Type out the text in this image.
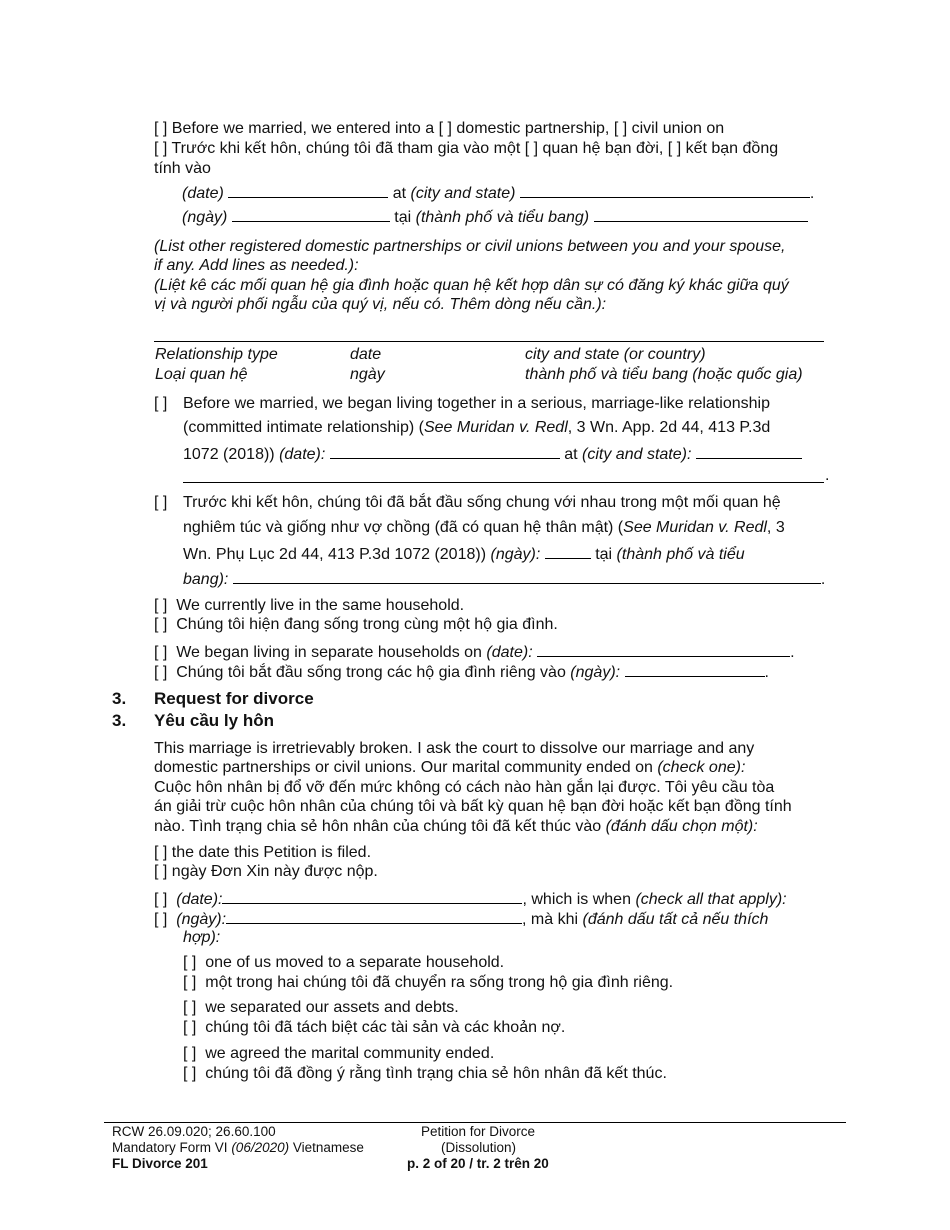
[ ] Before we married, we entered into a [ ] domestic partnership, [ ] civil union on
[ ] Trước khi kết hôn, chúng tôi đã tham gia vào một [ ] quan hệ bạn đời, [ ] kết bạn đồng
tính vào
(date)	at (city and state)	.
(ngày)	tại (thành phố và tiểu bang)
(List other registered domestic partnerships or civil unions between you and your spouse,
if any. Add lines as needed.):
(Liệt kê các mối quan hệ gia đình hoặc quan hệ kết hợp dân sự có đăng ký khác giữa quý
vị và người phối ngẫu của quý vị, nếu có. Thêm dòng nếu cần.):
Relationship type	date	city and state (or country)
Loại quan hệ	ngày	thành phố và tiểu bang (hoặc quốc gia)
[ ] Before we married, we began living together in a serious, marriage-like relationship
(committed intimate relationship) (See Muridan v. Redl, 3 Wn. App. 2d 44, 413 P.3d
1072 (2018)) (date):	at (city and state):
.
[ ] Trước khi kết hôn, chúng tôi đã bắt đầu sống chung với nhau trong một mối quan hệ
nghiêm túc và giống như vợ chồng (đã có quan hệ thân mật) (See Muridan v. Redl, 3
Wn. Phụ Lục 2d 44, 413 P.3d 1072 (2018)) (ngày):	tại (thành phố và tiểu
bang):	.
[ ] We currently live in the same household.
[ ] Chúng tôi hiện đang sống trong cùng một hộ gia đình.
[ ] We began living in separate households on (date):	.
[ ] Chúng tôi bắt đầu sống trong các hộ gia đình riêng vào (ngày):	.
3. Request for divorce
3. Yêu cầu ly hôn
This marriage is irretrievably broken. I ask the court to dissolve our marriage and any
domestic partnerships or civil unions. Our marital community ended on (check one):
Cuộc hôn nhân bị đổ vỡ đến mức không có cách nào hàn gắn lại được. Tôi yêu cầu tòa
án giải trừ cuộc hôn nhân của chúng tôi và bất kỳ quan hệ bạn đời hoặc kết bạn đồng tính
nào. Tình trạng chia sẻ hôn nhân của chúng tôi đã kết thúc vào (đánh dấu chọn một):
[ ] the date this Petition is filed.
[ ] ngày Đơn Xin này được nộp.
[ ] (date):	, which is when (check all that apply):
[ ] (ngày):	, mà khi (đánh dấu tất cả nếu thích
hợp):
[ ] one of us moved to a separate household.
[ ] một trong hai chúng tôi đã chuyển ra sống trong hộ gia đình riêng.
[ ] we separated our assets and debts.
[ ] chúng tôi đã tách biệt các tài sản và các khoản nợ.
[ ] we agreed the marital community ended.
[ ] chúng tôi đã đồng ý rằng tình trạng chia sẻ hôn nhân đã kết thúc.
RCW 26.09.020; 26.60.100
Mandatory Form VI (06/2020) Vietnamese
FL Divorce 201
Petition for Divorce
(Dissolution)
p. 2 of 20 / tr. 2 trên 20
